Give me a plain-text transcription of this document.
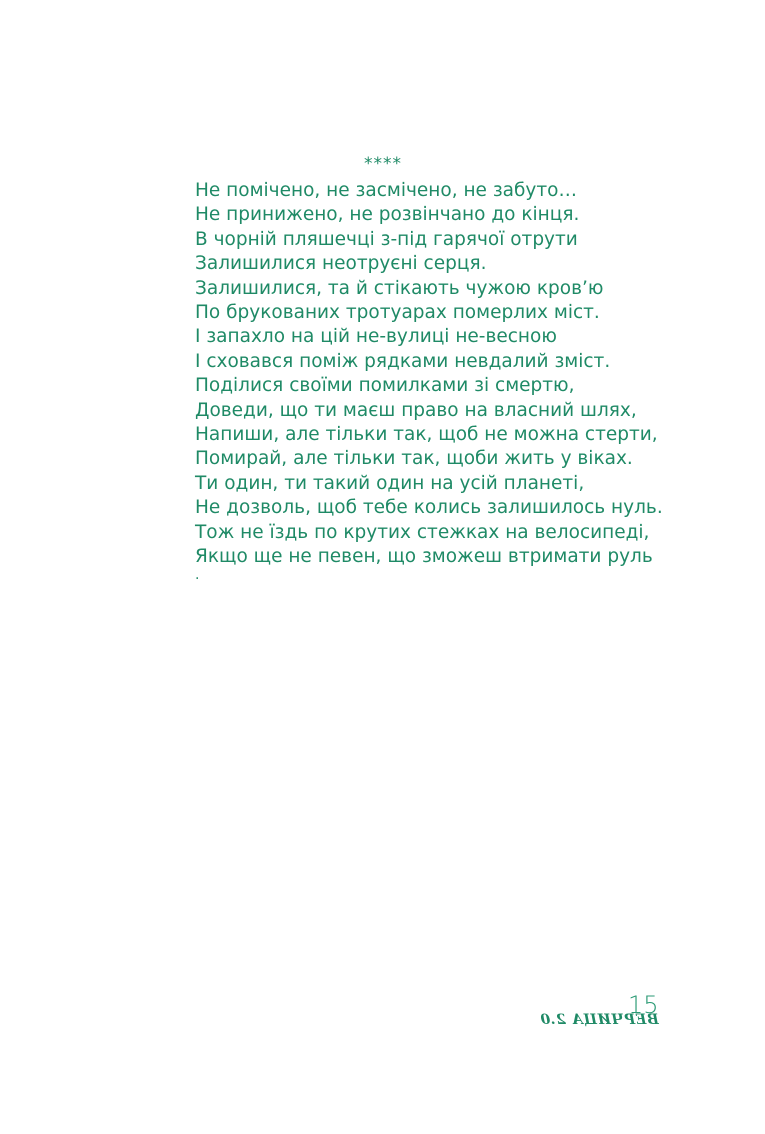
****
Не помічено, не засмічено, не забуто…
Не принижено, не розвінчано до кінця.
В чорній пляшечці з-під гарячої отрути
Залишилися неотруєні серця.
Залишилися, та й стікають чужою кров’ю
По брукованих тротуарах померлих міст.
І запахло на цій не-вулиці не-весною
І сховався поміж рядками невдалий зміст.
Поділися своїми помилками зі смертю,
Доведи, що ти маєш право на власний шлях,
Напиши, але тільки так, щоб не можна стерти,
Помирай, але тільки так, щоби жить у віках.
Ти один, ти такий один на усій планеті,
Не дозволь, щоб тебе колись залишилось нуль.
Тож не їздь по крутих стежках на велосипеді,
Якщо ще не певен, що зможеш втримати руль
.
15
ВЕРЧИЦА 2.0
